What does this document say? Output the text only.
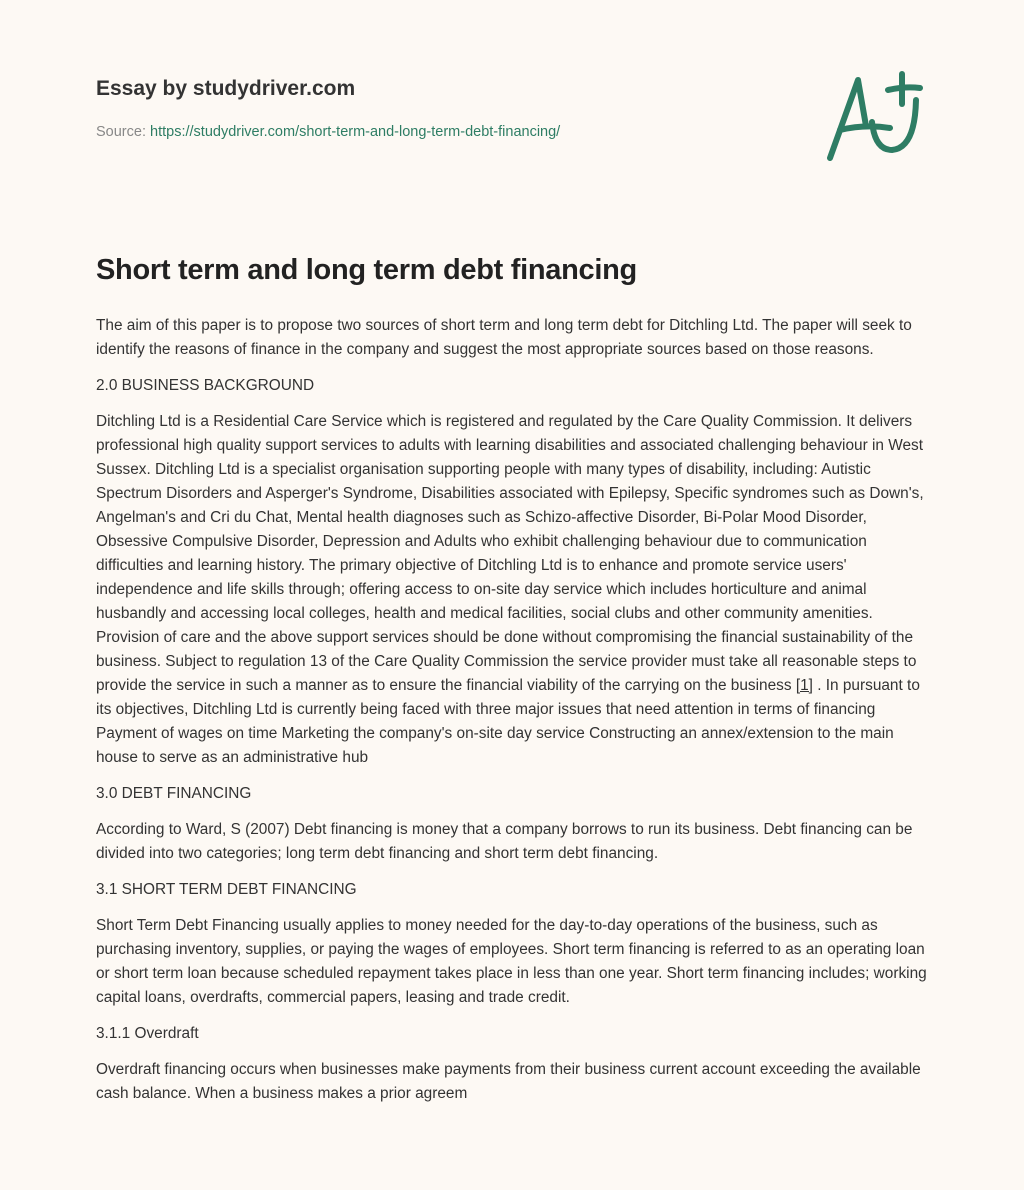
Essay by studydriver.com
Source: https://studydriver.com/short-term-and-long-term-debt-financing/
Short term and long term debt financing

The aim of this paper is to propose two sources of short term and long term debt for Ditchling Ltd. The paper will seek to identify the reasons of finance in the company and suggest the most appropriate sources based on those reasons.

2.0 BUSINESS BACKGROUND

Ditchling Ltd is a Residential Care Service which is registered and regulated by the Care Quality Commission. It delivers professional high quality support services to adults with learning disabilities and associated challenging behaviour in West Sussex. Ditchling Ltd is a specialist organisation supporting people with many types of disability, including: Autistic Spectrum Disorders and Asperger's Syndrome, Disabilities associated with Epilepsy, Specific syndromes such as Down's, Angelman's and Cri du Chat, Mental health diagnoses such as Schizo-affective Disorder, Bi-Polar Mood Disorder, Obsessive Compulsive Disorder, Depression and Adults who exhibit challenging behaviour due to communication difficulties and learning history. The primary objective of Ditchling Ltd is to enhance and promote service users' independence and life skills through; offering access to on-site day service which includes horticulture and animal husbandly and accessing local colleges, health and medical facilities, social clubs and other community amenities. Provision of care and the above support services should be done without compromising the financial sustainability of the business. Subject to regulation 13 of the Care Quality Commission the service provider must take all reasonable steps to provide the service in such a manner as to ensure the financial viability of the carrying on the business [1] . In pursuant to its objectives, Ditchling Ltd is currently being faced with three major issues that need attention in terms of financing Payment of wages on time Marketing the company's on-site day service Constructing an annex/extension to the main house to serve as an administrative hub

3.0 DEBT FINANCING

According to Ward, S (2007) Debt financing is money that a company borrows to run its business. Debt financing can be divided into two categories; long term debt financing and short term debt financing.

3.1 SHORT TERM DEBT FINANCING

Short Term Debt Financing usually applies to money needed for the day-to-day operations of the business, such as purchasing inventory, supplies, or paying the wages of employees. Short term financing is referred to as an operating loan or short term loan because scheduled repayment takes place in less than one year. Short term financing includes; working capital loans, overdrafts, commercial papers, leasing and trade credit.

3.1.1 Overdraft

Overdraft financing occurs when businesses make payments from their business current account exceeding the available cash balance. When a business makes a prior agreem
